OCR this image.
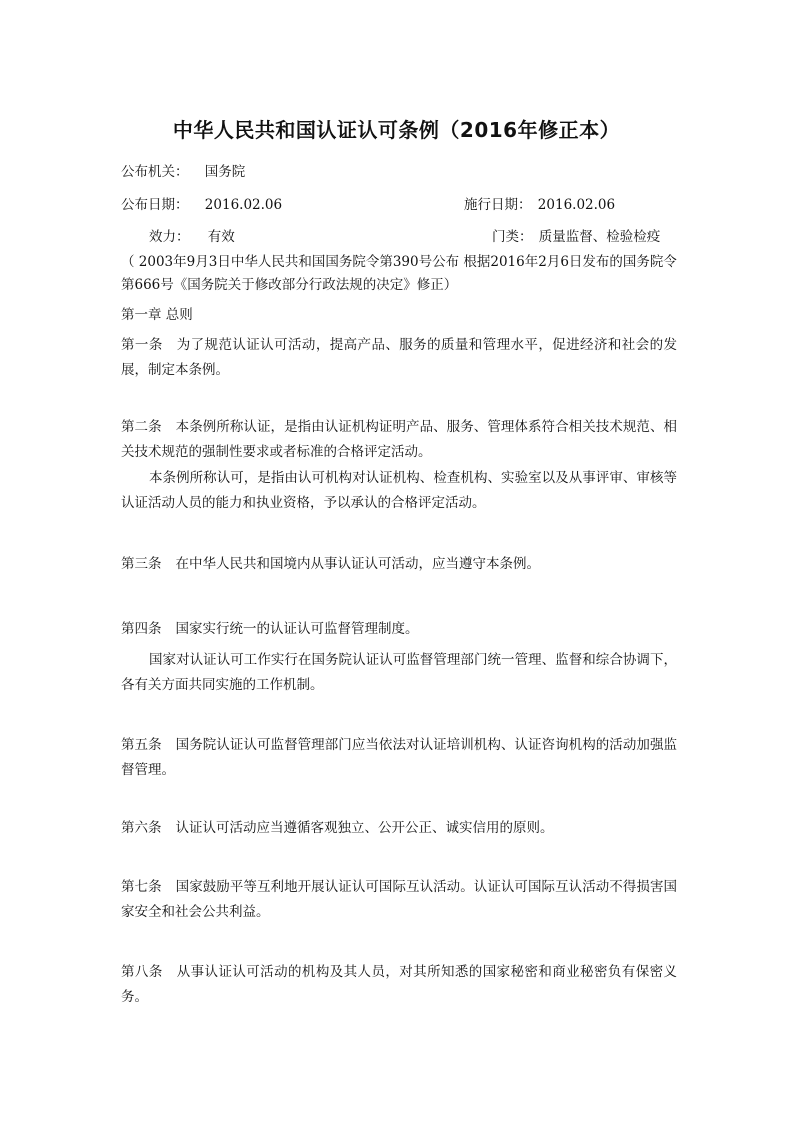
中华人民共和国认证认可条例（2016年修正本）
公布机关： 国务院
公布日期： 2016.02.06	施行日期： 2016.02.06
效力： 有效	门类： 质量监督、检验检疫
（ 2003年9月3日中华人民共和国国务院令第390号公布 根据2016年2月6日发布的国务院令第666号《国务院关于修改部分行政法规的决定》修正）
第一章 总则
第一条 为了规范认证认可活动，提高产品、服务的质量和管理水平，促进经济和社会的发展，制定本条例。
第二条 本条例所称认证，是指由认证机构证明产品、服务、管理体系符合相关技术规范、相关技术规范的强制性要求或者标准的合格评定活动。
本条例所称认可，是指由认可机构对认证机构、检查机构、实验室以及从事评审、审核等认证活动人员的能力和执业资格，予以承认的合格评定活动。
第三条 在中华人民共和国境内从事认证认可活动，应当遵守本条例。
第四条 国家实行统一的认证认可监督管理制度。
国家对认证认可工作实行在国务院认证认可监督管理部门统一管理、监督和综合协调下，各有关方面共同实施的工作机制。
第五条 国务院认证认可监督管理部门应当依法对认证培训机构、认证咨询机构的活动加强监督管理。
第六条 认证认可活动应当遵循客观独立、公开公正、诚实信用的原则。
第七条 国家鼓励平等互利地开展认证认可国际互认活动。认证认可国际互认活动不得损害国家安全和社会公共利益。
第八条 从事认证认可活动的机构及其人员，对其所知悉的国家秘密和商业秘密负有保密义务。
